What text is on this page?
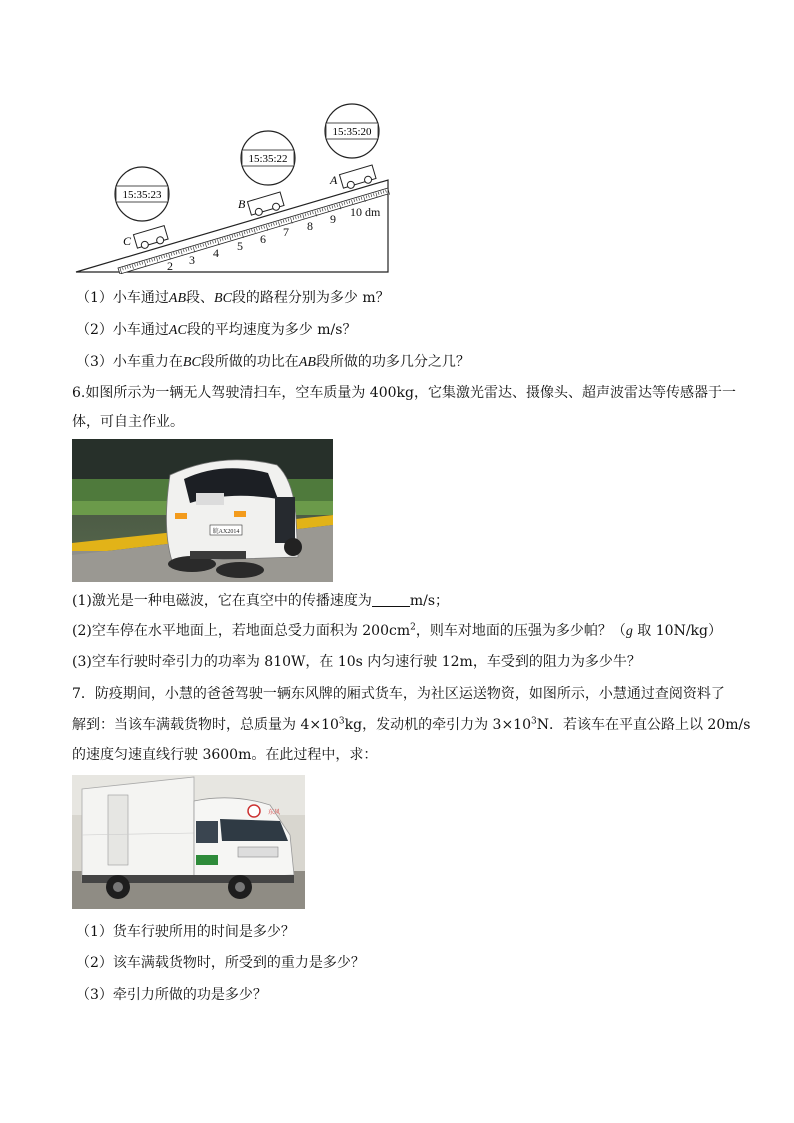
2 3 4 5 6 7 8 9 10 dm
C
B
A
15:35:23
15:35:22
15:35:20
（1）小车通过AB段、BC段的路程分别为多少 m？
（2）小车通过AC段的平均速度为多少 m/s？
（3）小车重力在BC段所做的功比在AB段所做的功多几分之几？
6.如图所示为一辆无人驾驶清扫车，空车质量为 400kg，它集激光雷达、摄像头、超声波雷达等传感器于一
体，可自主作业。
皖AX2014
(1)激光是一种电磁波，它在真空中的传播速度为	m/s；
(2)空车停在水平地面上，若地面总受力面积为 $200cm^2$，则车对地面的压强为多少帕？（g 取 10N/kg）
(3)空车行驶时牵引力的功率为 810W，在 10s 内匀速行驶 12m，车受到的阻力为多少牛？
7．防疫期间，小慧的爸爸驾驶一辆东风牌的厢式货车，为社区运送物资，如图所示，小慧通过查阅资料了
解到：当该车满载货物时，总质量为 $4\times 10^3kg$，发动机的牵引力为 $3\times 10^3N$．若该车在平直公路上以 20m/s
的速度匀速直线行驶 3600m。在此过程中，求：
东风
（1）货车行驶所用的时间是多少？
（2）该车满载货物时，所受到的重力是多少？
（3）牵引力所做的功是多少？
